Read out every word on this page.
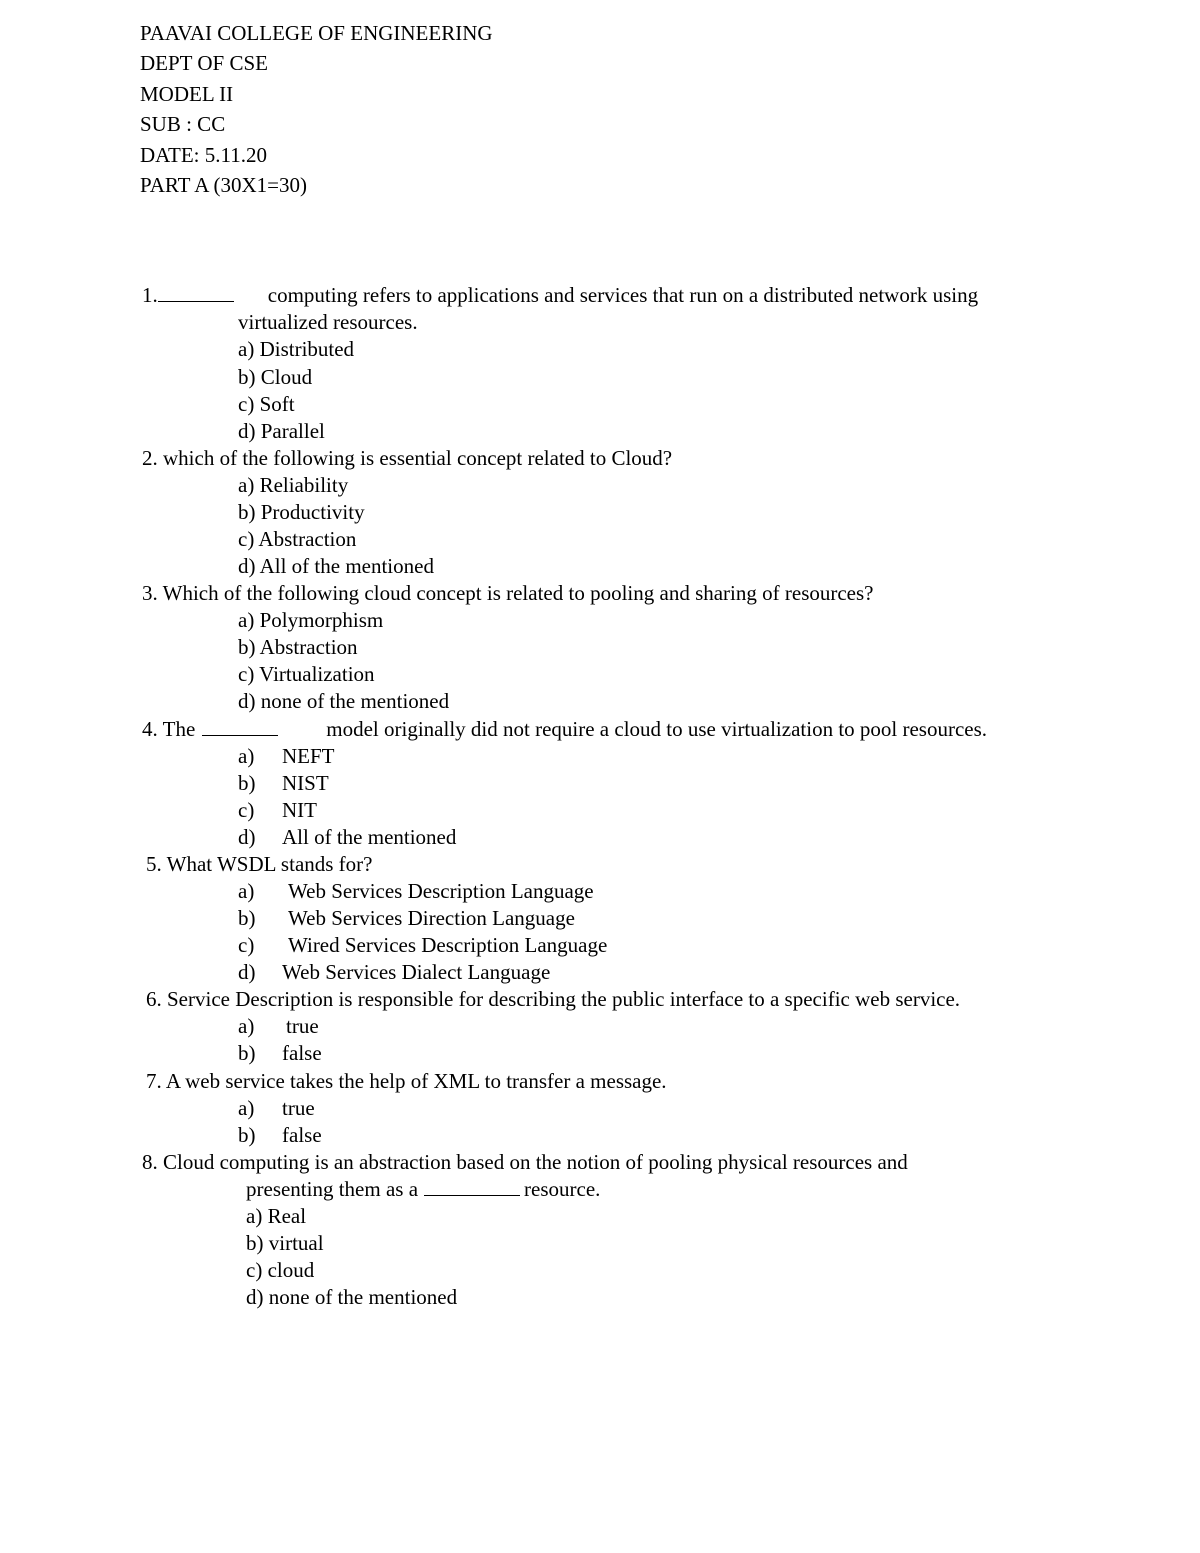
PAAVAI COLLEGE OF ENGINEERING
DEPT OF CSE
MODEL II
SUB : CC
DATE: 5.11.20
PART A (30X1=30)
1.	computing refers to applications and services that run on a distributed network using
virtualized resources.
a) Distributed
b) Cloud
c) Soft
d) Parallel
2. which of the following is essential concept related to Cloud?
a) Reliability
b) Productivity
c) Abstraction
d) All of the mentioned
3. Which of the following cloud concept is related to pooling and sharing of resources?
a) Polymorphism
b) Abstraction
c) Virtualization
d) none of the mentioned
4. The	model originally did not require a cloud to use virtualization to pool resources.
a) NEFT
b) NIST
c) NIT
d) All of the mentioned
5. What WSDL stands for?
a) Web Services Description Language
b) Web Services Direction Language
c) Wired Services Description Language
d) Web Services Dialect Language
6. Service Description is responsible for describing the public interface to a specific web service.
a) true
b) false
7. A web service takes the help of XML to transfer a message.
a) true
b) false
8. Cloud computing is an abstraction based on the notion of pooling physical resources and
presenting them as a	resource.
a) Real
b) virtual
c) cloud
d) none of the mentioned
